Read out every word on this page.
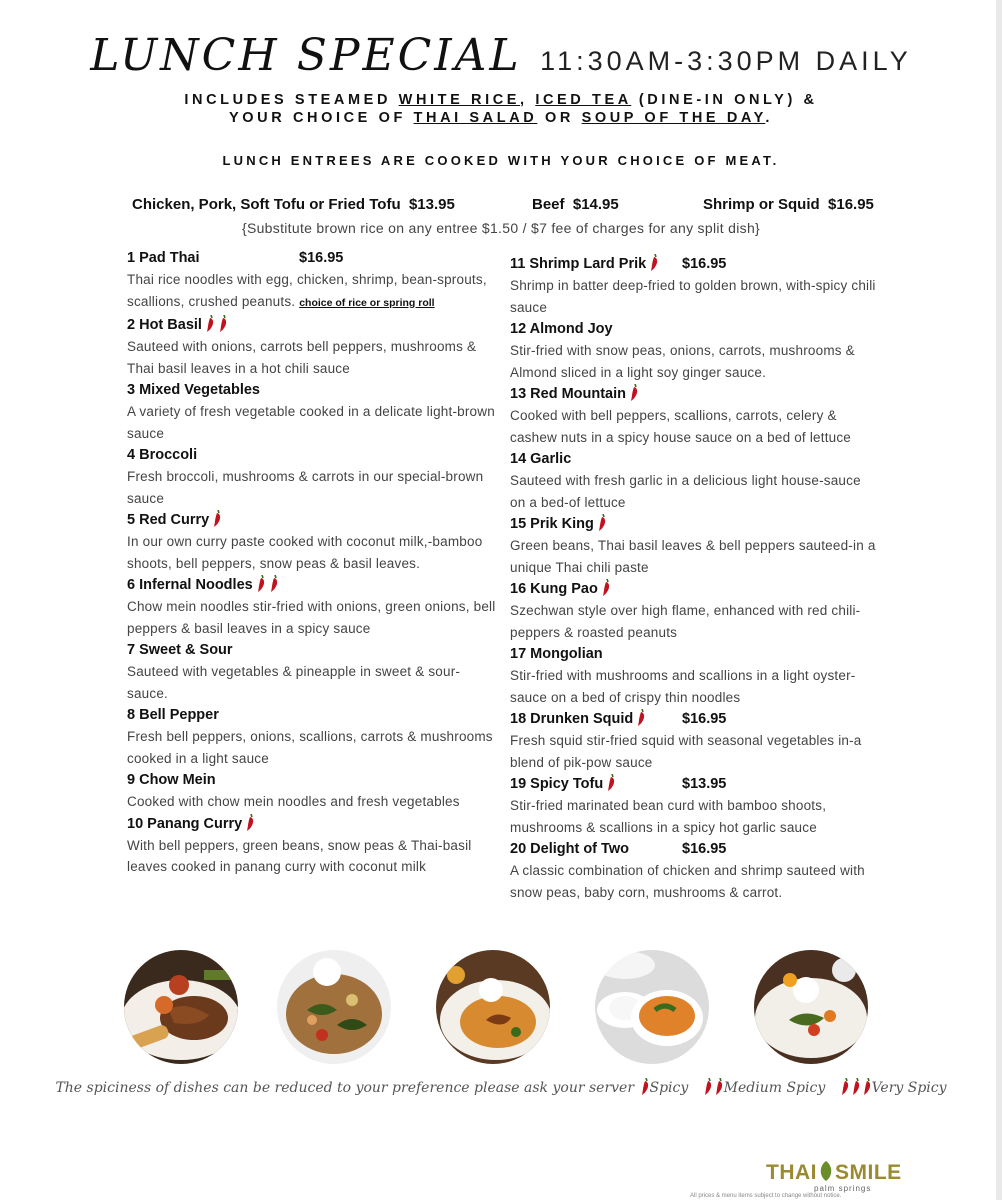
LUNCH SPECIAL 11:30AM-3:30PM DAILY
INCLUDES STEAMED WHITE RICE, ICED TEA (DINE-IN ONLY) &
YOUR CHOICE OF THAI SALAD OR SOUP OF THE DAY.
LUNCH ENTREES ARE COOKED WITH YOUR CHOICE OF MEAT.
Chicken, Pork, Soft Tofu or Fried Tofu $13.95	Beef $14.95	Shrimp or Squid $16.95
{Substitute brown rice on any entree $1.50 / $7 fee of charges for any split dish}
1 Pad Thai	$16.95
Thai rice noodles with egg, chicken, shrimp, bean-sprouts, scallions, crushed peanuts. choice of rice or spring roll
2 Hot Basil
Sauteed with onions, carrots bell peppers, mushrooms & Thai basil leaves in a hot chili sauce
3 Mixed Vegetables
A variety of fresh vegetable cooked in a delicate light-brown sauce
4 Broccoli
Fresh broccoli, mushrooms & carrots in our special-brown sauce
5 Red Curry
In our own curry paste cooked with coconut milk,-bamboo shoots, bell peppers, snow peas & basil leaves.
6 Infernal Noodles
Chow mein noodles stir-fried with onions, green onions, bell peppers & basil leaves in a spicy sauce
7 Sweet & Sour
Sauteed with vegetables & pineapple in sweet & sour-sauce.
8 Bell Pepper
Fresh bell peppers, onions, scallions, carrots & mushrooms cooked in a light sauce
9 Chow Mein
Cooked with chow mein noodles and fresh vegetables
10 Panang Curry
With bell peppers, green beans, snow peas & Thai-basil leaves cooked in panang curry with coconut milk
11 Shrimp Lard Prik $16.95
Shrimp in batter deep-fried to golden brown, with-spicy chili sauce
12 Almond Joy
Stir-fried with snow peas, onions, carrots, mushrooms & Almond sliced in a light soy ginger sauce.
13 Red Mountain
Cooked with bell peppers, scallions, carrots, celery & cashew nuts in a spicy house sauce on a bed of lettuce
14 Garlic
Sauteed with fresh garlic in a delicious light house-sauce on a bed-of lettuce
15 Prik King
Green beans, Thai basil leaves & bell peppers sauteed-in a unique Thai chili paste
16 Kung Pao
Szechwan style over high flame, enhanced with red chili- peppers & roasted peanuts
17 Mongolian
Stir-fried with mushrooms and scallions in a light oyster-sauce on a bed of crispy thin noodles
18 Drunken Squid	$16.95
Fresh squid stir-fried squid with seasonal vegetables in-a blend of pik-pow sauce
19 Spicy Tofu	$13.95
Stir-fried marinated bean curd with bamboo shoots, mushrooms & scallions in a spicy hot garlic sauce
20 Delight of Two	$16.95
A classic combination of chicken and shrimp sauteed with snow peas, baby corn, mushrooms & carrot.
The spiciness of dishes can be reduced to your preference please ask your server Spicy	Medium Spicy	Very Spicy
THAI SMILE
palm springs
All prices & menu items subject to change without notice.
